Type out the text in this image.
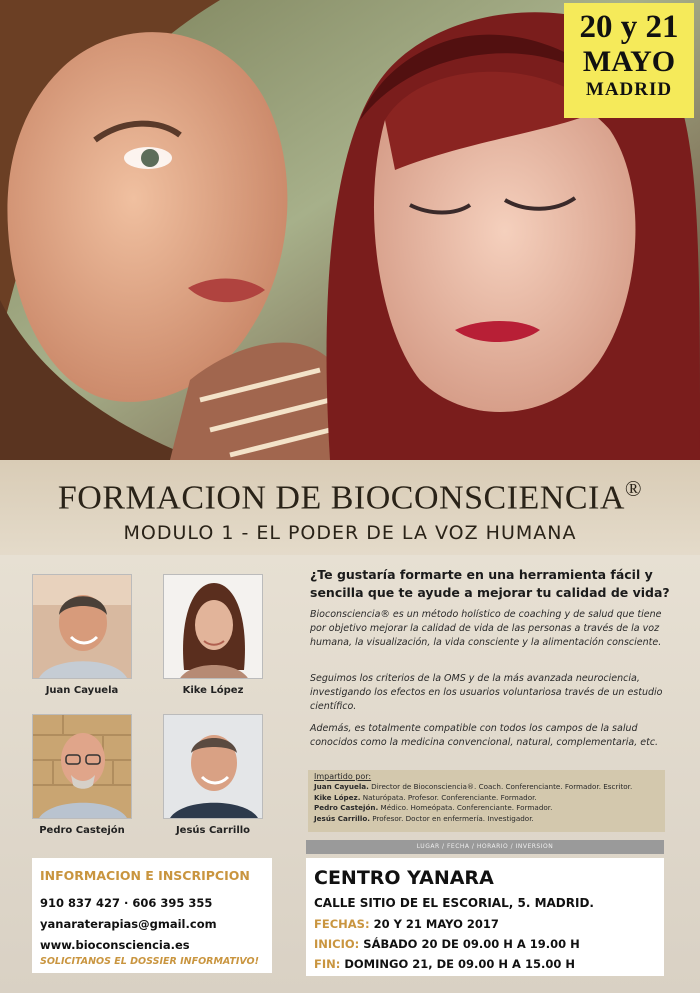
20 y 21
MAYO
MADRID
FORMACION DE BIOCONSCIENCIA®
MODULO 1 - EL PODER DE LA VOZ HUMANA
Juan Cayuela	Kike López
Pedro Castejón	Jesús Carrillo
¿Te gustaría formarte en una herramienta fácil y sencilla que te ayude a mejorar tu calidad de vida?
Bioconsciencia® es un método holístico de coaching y de salud que tiene por objetivo mejorar la calidad de vida de las personas a través de la voz humana, la visualización, la vida consciente y la alimentación consciente.
Seguimos los criterios de la OMS y de la más avanzada neurociencia, investigando los efectos en los usuarios voluntariosa través de un estudio científico.
Además, es totalmente compatible con todos los campos de la salud conocidos como la medicina convencional, natural, complementaria, etc.
Impartido por:
Juan Cayuela. Director de Bioconsciencia®. Coach. Conferenciante. Formador. Escritor.
Kike López. Naturópata. Profesor. Conferenciante. Formador.
Pedro Castejón. Médico. Homeópata. Conferenciante. Formador.
Jesús Carrillo. Profesor. Doctor en enfermería. Investigador.
LUGAR / FECHA / HORARIO / INVERSION
INFORMACION E INSCRIPCION
910 837 427 · 606 395 355
yanaraterapias@gmail.com
www.bioconsciencia.es
SOLICITANOS EL DOSSIER INFORMATIVO!
CENTRO YANARA
CALLE SITIO DE EL ESCORIAL, 5. MADRID.
FECHAS: 20 Y 21 MAYO 2017
INICIO: SÁBADO 20 DE 09.00 H A 19.00 H
FIN: DOMINGO 21, DE 09.00 H A 15.00 H
